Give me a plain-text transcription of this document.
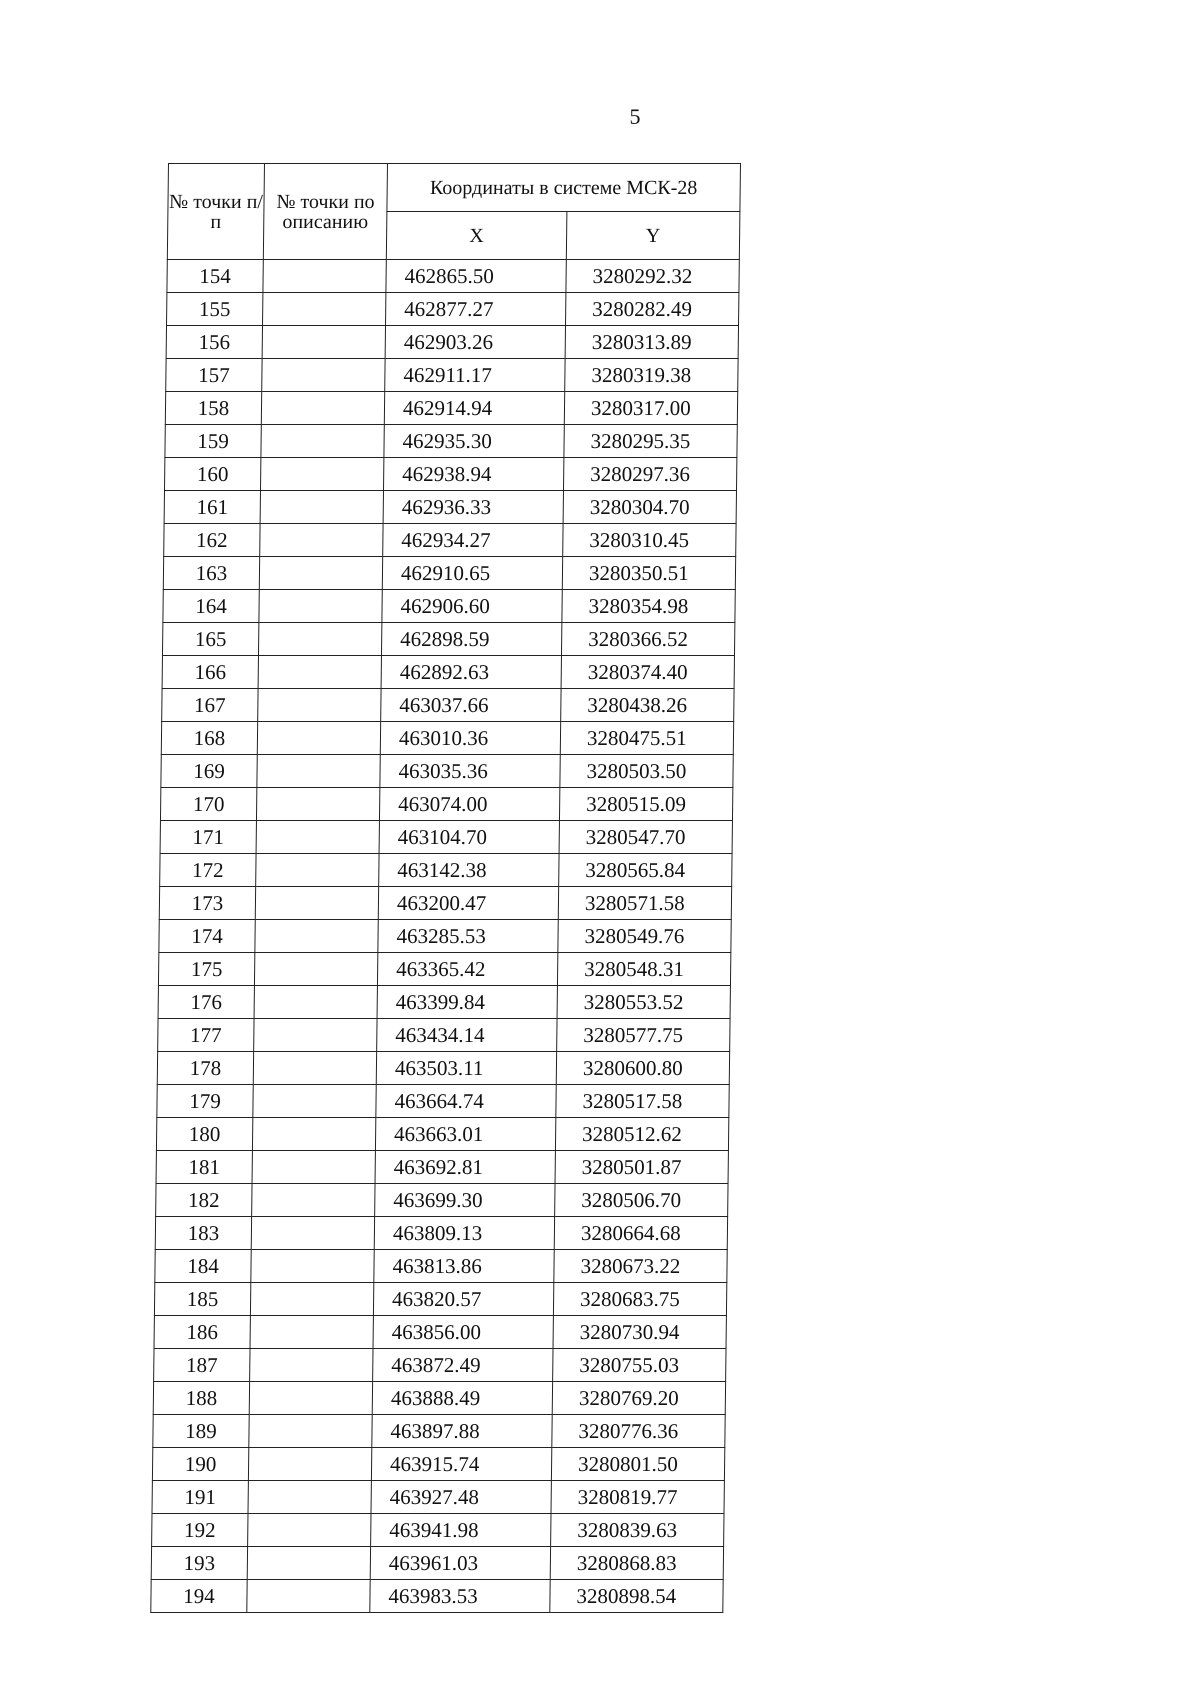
5
№ точки п/п	№ точки по описанию	Координаты в системе МСК-28	
		X	Y
154		462865.50	3280292.32
155		462877.27	3280282.49
156		462903.26	3280313.89
157		462911.17	3280319.38
158		462914.94	3280317.00
159		462935.30	3280295.35
160		462938.94	3280297.36
161		462936.33	3280304.70
162		462934.27	3280310.45
163		462910.65	3280350.51
164		462906.60	3280354.98
165		462898.59	3280366.52
166		462892.63	3280374.40
167		463037.66	3280438.26
168		463010.36	3280475.51
169		463035.36	3280503.50
170		463074.00	3280515.09
171		463104.70	3280547.70
172		463142.38	3280565.84
173		463200.47	3280571.58
174		463285.53	3280549.76
175		463365.42	3280548.31
176		463399.84	3280553.52
177		463434.14	3280577.75
178		463503.11	3280600.80
179		463664.74	3280517.58
180		463663.01	3280512.62
181		463692.81	3280501.87
182		463699.30	3280506.70
183		463809.13	3280664.68
184		463813.86	3280673.22
185		463820.57	3280683.75
186		463856.00	3280730.94
187		463872.49	3280755.03
188		463888.49	3280769.20
189		463897.88	3280776.36
190		463915.74	3280801.50
191		463927.48	3280819.77
192		463941.98	3280839.63
193		463961.03	3280868.83
194		463983.53	3280898.54
